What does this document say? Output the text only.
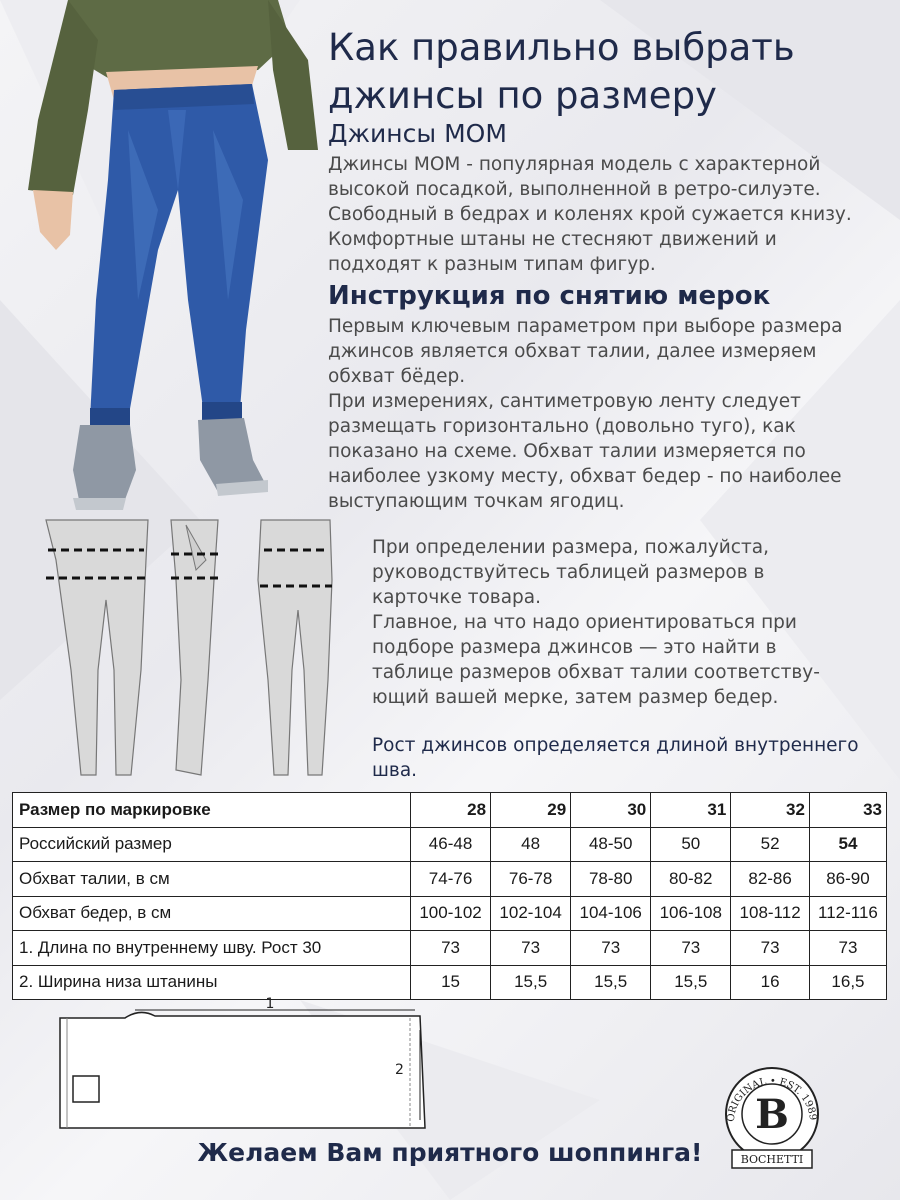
Как правильно выбрать
джинсы по размеру
Джинсы MOM
Джинсы MOM - популярная модель с характерной
высокой посадкой, выполненной в ретро-силуэте.
Свободный в бедрах и коленях крой сужается книзу.
Комфортные штаны не стесняют движений и
подходят к разным типам фигур.
Инструкция по снятию мерок
Первым ключевым параметром при выборе размера
джинсов является обхват талии, далее измеряем
обхват бёдер.
При измерениях, сантиметровую ленту следует
размещать горизонтально (довольно туго), как
показано на схеме. Обхват талии измеряется по
наиболее узкому месту, обхват бедер - по наиболее
выступающим точкам ягодиц.
При определении размера, пожалуйста,
руководствуйтесь таблицей размеров в
карточке товара.
Главное, на что надо ориентироваться при
подборе размера джинсов — это найти в
таблице размеров обхват талии соответству-
ющий вашей мерке, затем размер бедер.
Рост джинсов определяется длиной внутреннего шва.
Размер по маркировке	28	29	30	31	32	33
Российский размер	46-48	48	48-50	50	52	54
Обхват талии, в см	74-76	76-78	78-80	80-82	82-86	86-90
Обхват бедер, в см	100-102	102-104	104-106	106-108	108-112	112-116
1. Длина по внутреннему шву. Рост 30	73	73	73	73	73	73
2. Ширина низа штанины	15	15,5	15,5	15,5	16	16,5
1
2
ORIGINAL • EST. 1989
B
BOCHETTI
Желаем Вам приятного шоппинга!
